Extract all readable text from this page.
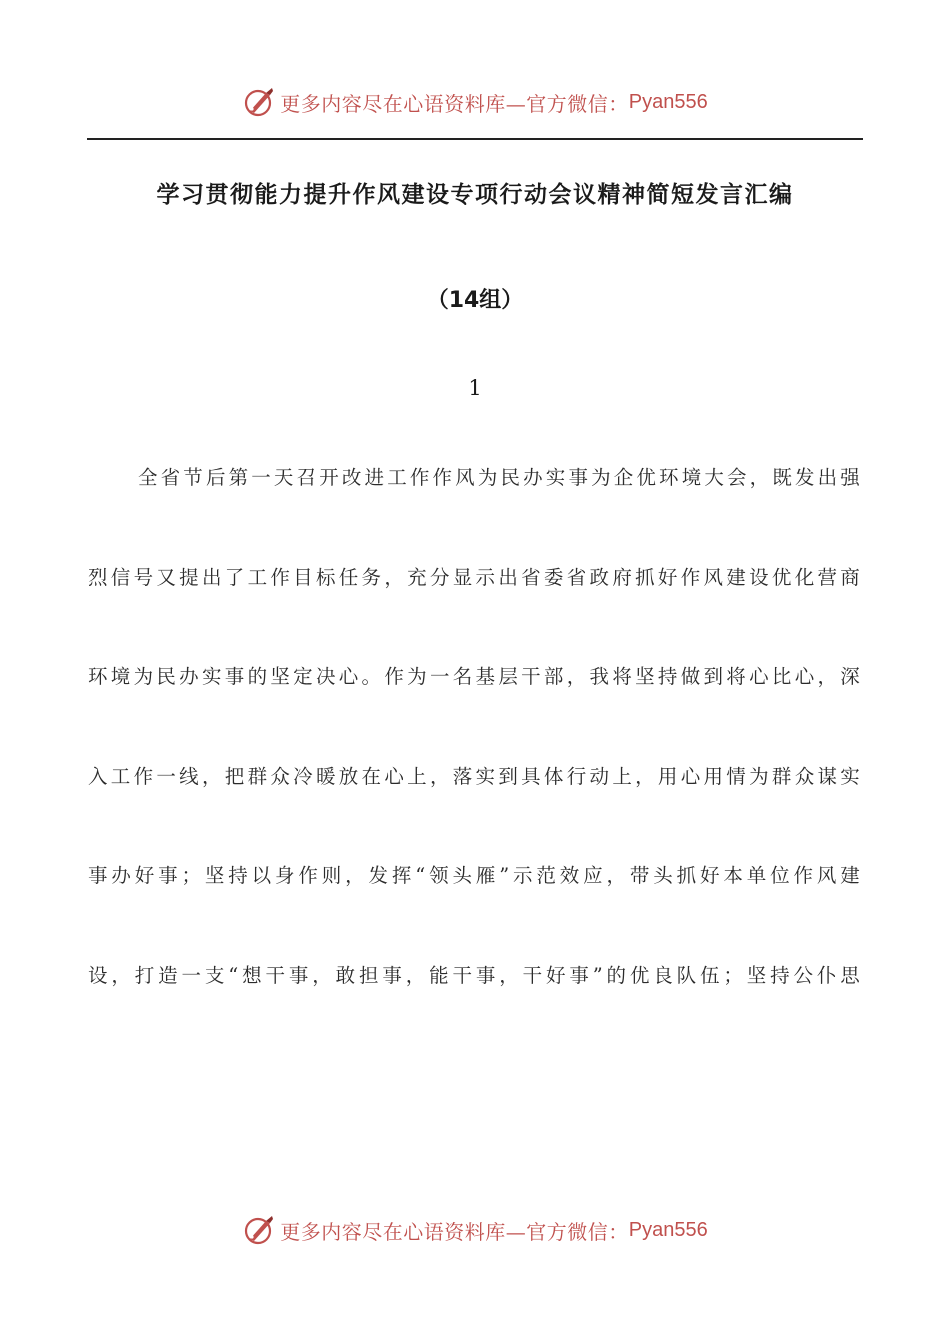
更多内容尽在心语资料库—官方微信： Pyan556
学习贯彻能力提升作风建设专项行动会议精神简短发言汇编
（14组）
1
全省节后第一天召开改进工作作风为民办实事为企优环境大会，既发出强
烈信号又提出了工作目标任务，充分显示出省委省政府抓好作风建设优化营商
环境为民办实事的坚定决心。作为一名基层干部，我将坚持做到将心比心，深
入工作一线，把群众冷暖放在心上，落实到具体行动上，用心用情为群众谋实
事办好事；坚持以身作则，发挥“领头雁”示范效应，带头抓好本单位作风建
设，打造一支“想干事，敢担事，能干事，干好事”的优良队伍；坚持公仆思
更多内容尽在心语资料库—官方微信： Pyan556
